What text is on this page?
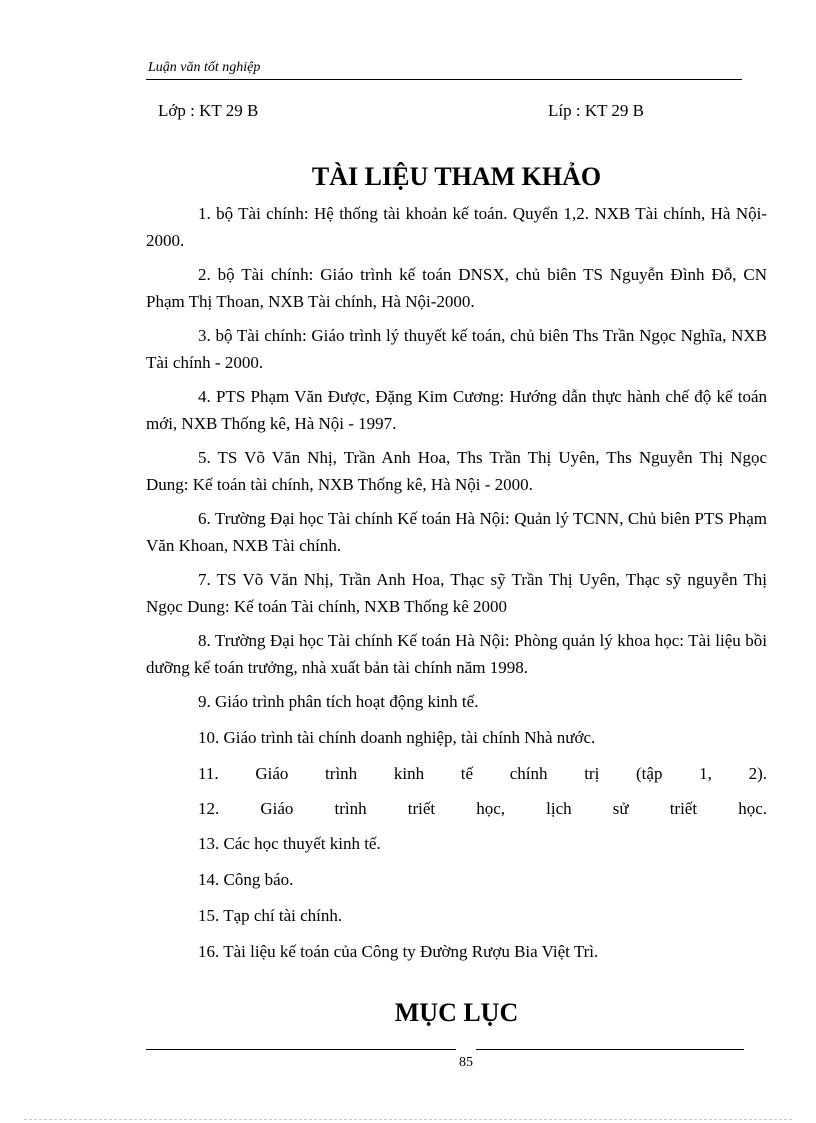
Luận văn tốt nghiệp
Lớp : KT 29 B	Líp : KT 29 B
TÀI LIỆU THAM KHẢO

1. bộ Tài chính: Hệ thống tài khoản kế toán. Quyển 1,2. NXB Tài chính, Hà Nội-2000.

2. bộ Tài chính: Giáo trình kế toán DNSX, chủ biên TS Nguyễn Đình Đỗ, CN Phạm Thị Thoan, NXB Tài chính, Hà Nội-2000.

3. bộ Tài chính: Giáo trình lý thuyết kế toán, chủ biên Ths Trần Ngọc Nghĩa, NXB Tài chính - 2000.

4. PTS Phạm Văn Được, Đặng Kim Cương: Hướng dẫn thực hành chế độ kế toán mới, NXB Thống kê, Hà Nội - 1997.

5. TS Võ Văn Nhị, Trần Anh Hoa, Ths Trần Thị Uyên, Ths Nguyễn Thị Ngọc Dung: Kế toán tài chính, NXB Thống kê, Hà Nội - 2000.

6. Trường Đại học Tài chính Kế toán Hà Nội: Quản lý TCNN, Chủ biên PTS Phạm Văn Khoan, NXB Tài chính.

7. TS Võ Văn Nhị, Trần Anh Hoa, Thạc sỹ Trần Thị Uyên, Thạc sỹ nguyễn Thị Ngọc Dung: Kế toán Tài chính, NXB Thống kê 2000

8. Trường Đại học Tài chính Kế toán Hà Nội: Phòng quản lý khoa học: Tài liệu bồi dưỡng kế toán trưởng, nhà xuất bản tài chính năm 1998.

9. Giáo trình phân tích hoạt động kinh tế.

10. Giáo trình tài chính doanh nghiệp, tài chính Nhà nước.

11. Giáo trình kinh tế chính trị (tập 1, 2).

12. Giáo trình triết học, lịch sử triết học.

13. Các học thuyết kinh tế.

14. Công báo.

15. Tạp chí tài chính.

16. Tài liệu kế toán của Công ty Đường Rượu Bia Việt Trì.

MỤC LỤC
85
